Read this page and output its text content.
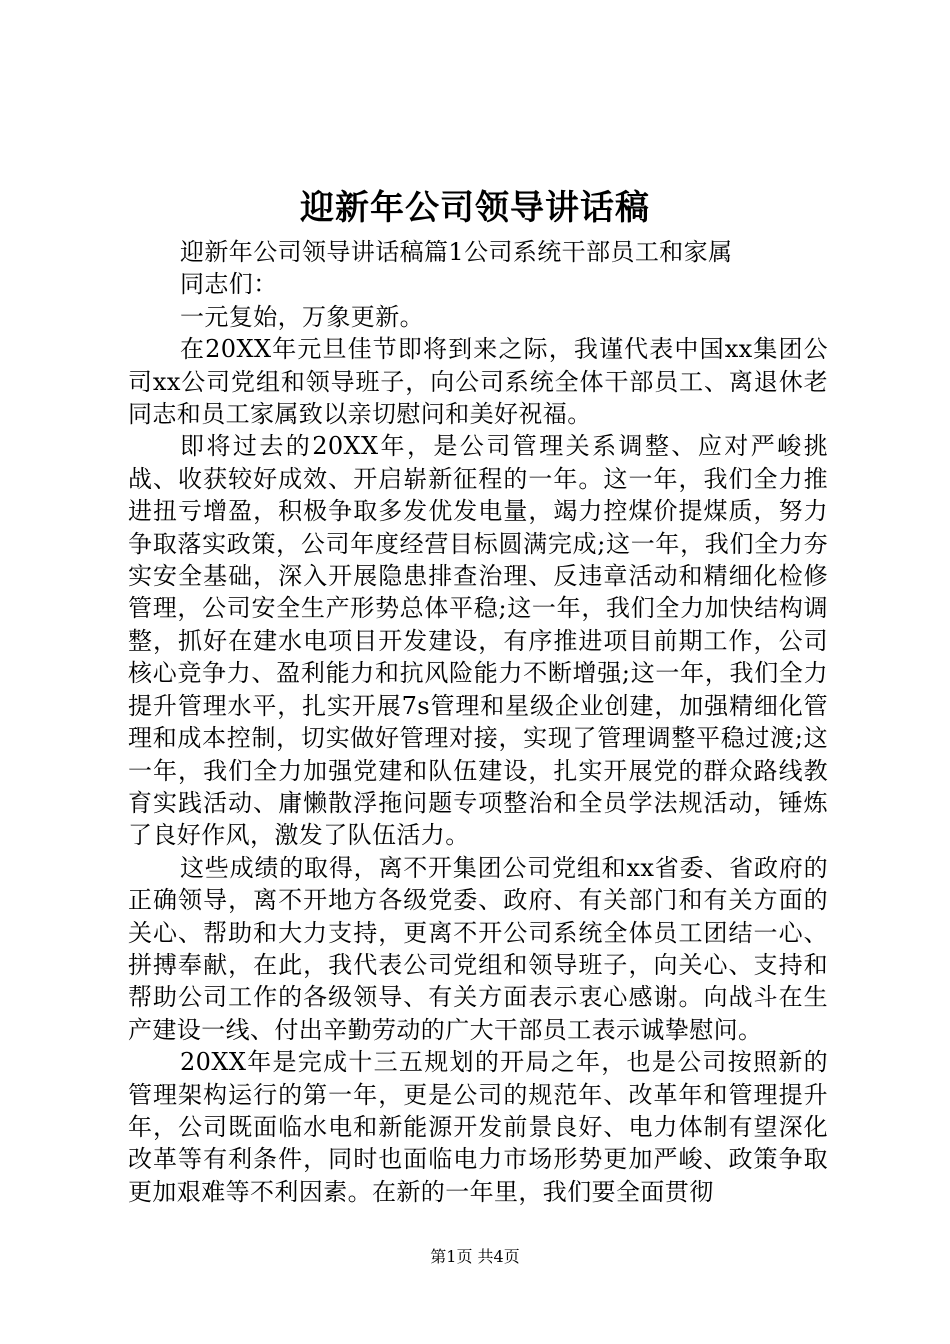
迎新年公司领导讲话稿

迎新年公司领导讲话稿篇1公司系统干部员工和家属

同志们：

一元复始，万象更新。

在20XX年元旦佳节即将到来之际，我谨代表中国xx集团公司xx公司党组和领导班子，向公司系统全体干部员工、离退休老同志和员工家属致以亲切慰问和美好祝福。

即将过去的20XX年，是公司管理关系调整、应对严峻挑战、收获较好成效、开启崭新征程的一年。这一年，我们全力推进扭亏增盈，积极争取多发优发电量，竭力控煤价提煤质，努力争取落实政策，公司年度经营目标圆满完成;这一年，我们全力夯实安全基础，深入开展隐患排查治理、反违章活动和精细化检修管理，公司安全生产形势总体平稳;这一年，我们全力加快结构调整，抓好在建水电项目开发建设，有序推进项目前期工作，公司核心竞争力、盈利能力和抗风险能力不断增强;这一年，我们全力提升管理水平，扎实开展7s管理和星级企业创建，加强精细化管理和成本控制，切实做好管理对接，实现了管理调整平稳过渡;这一年，我们全力加强党建和队伍建设，扎实开展党的群众路线教育实践活动、庸懒散浮拖问题专项整治和全员学法规活动，锤炼了良好作风，激发了队伍活力。

这些成绩的取得，离不开集团公司党组和xx省委、省政府的正确领导，离不开地方各级党委、政府、有关部门和有关方面的关心、帮助和大力支持，更离不开公司系统全体员工团结一心、拼搏奉献，在此，我代表公司党组和领导班子，向关心、支持和帮助公司工作的各级领导、有关方面表示衷心感谢。向战斗在生产建设一线、付出辛勤劳动的广大干部员工表示诚挚慰问。

20XX年是完成十三五规划的开局之年，也是公司按照新的管理架构运行的第一年，更是公司的规范年、改革年和管理提升年，公司既面临水电和新能源开发前景良好、电力体制有望深化改革等有利条件，同时也面临电力市场形势更加严峻、政策争取更加艰难等不利因素。在新的一年里，我们要全面贯彻

第1页 共4页
